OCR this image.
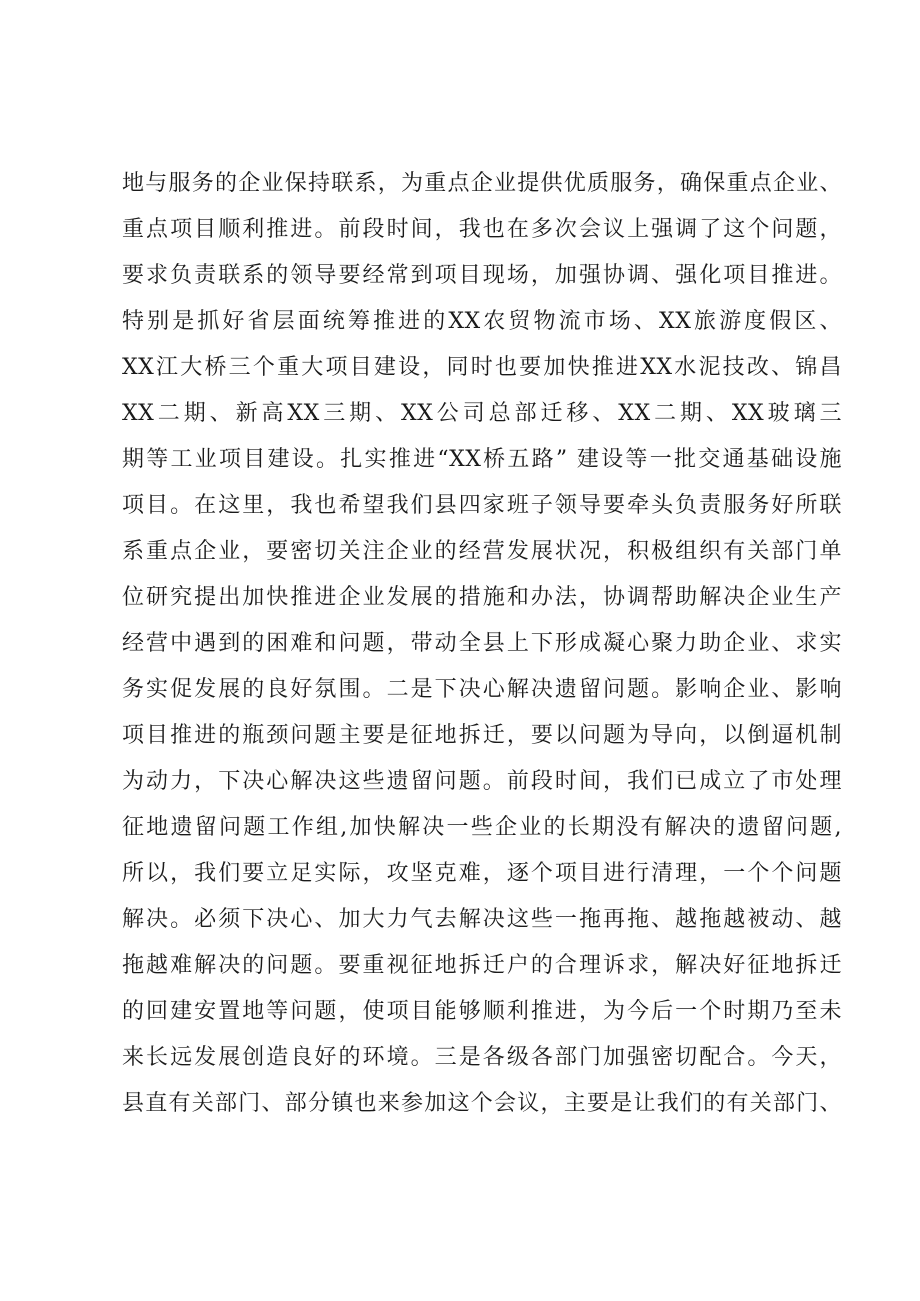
地与服务的企业保持联系，为重点企业提供优质服务，确保重点企业、
重点项目顺利推进。前段时间，我也在多次会议上强调了这个问题，
要求负责联系的领导要经常到项目现场，加强协调、强化项目推进。
特别是抓好省层面统筹推进的XX农贸物流市场、XX旅游度假区、
XX江大桥三个重大项目建设，同时也要加快推进XX水泥技改、锦昌
XX二期、新高XX三期、XX公司总部迁移、XX二期、XX玻璃三
期等工业项目建设。扎实推进“XX桥五路” 建设等一批交通基础设施
项目。在这里，我也希望我们县四家班子领导要牵头负责服务好所联
系重点企业，要密切关注企业的经营发展状况，积极组织有关部门单
位研究提出加快推进企业发展的措施和办法，协调帮助解决企业生产
经营中遇到的困难和问题，带动全县上下形成凝心聚力助企业、求实
务实促发展的良好氛围。二是下决心解决遗留问题。影响企业、影响
项目推进的瓶颈问题主要是征地拆迁，要以问题为导向，以倒逼机制
为动力，下决心解决这些遗留问题。前段时间，我们已成立了市处理
征地遗留问题工作组,加快解决一些企业的长期没有解决的遗留问题,
所以，我们要立足实际，攻坚克难，逐个项目进行清理，一个个问题
解决。必须下决心、加大力气去解决这些一拖再拖、越拖越被动、越
拖越难解决的问题。要重视征地拆迁户的合理诉求，解决好征地拆迁
的回建安置地等问题，使项目能够顺利推进，为今后一个时期乃至未
来长远发展创造良好的环境。三是各级各部门加强密切配合。今天，
县直有关部门、部分镇也来参加这个会议，主要是让我们的有关部门、
